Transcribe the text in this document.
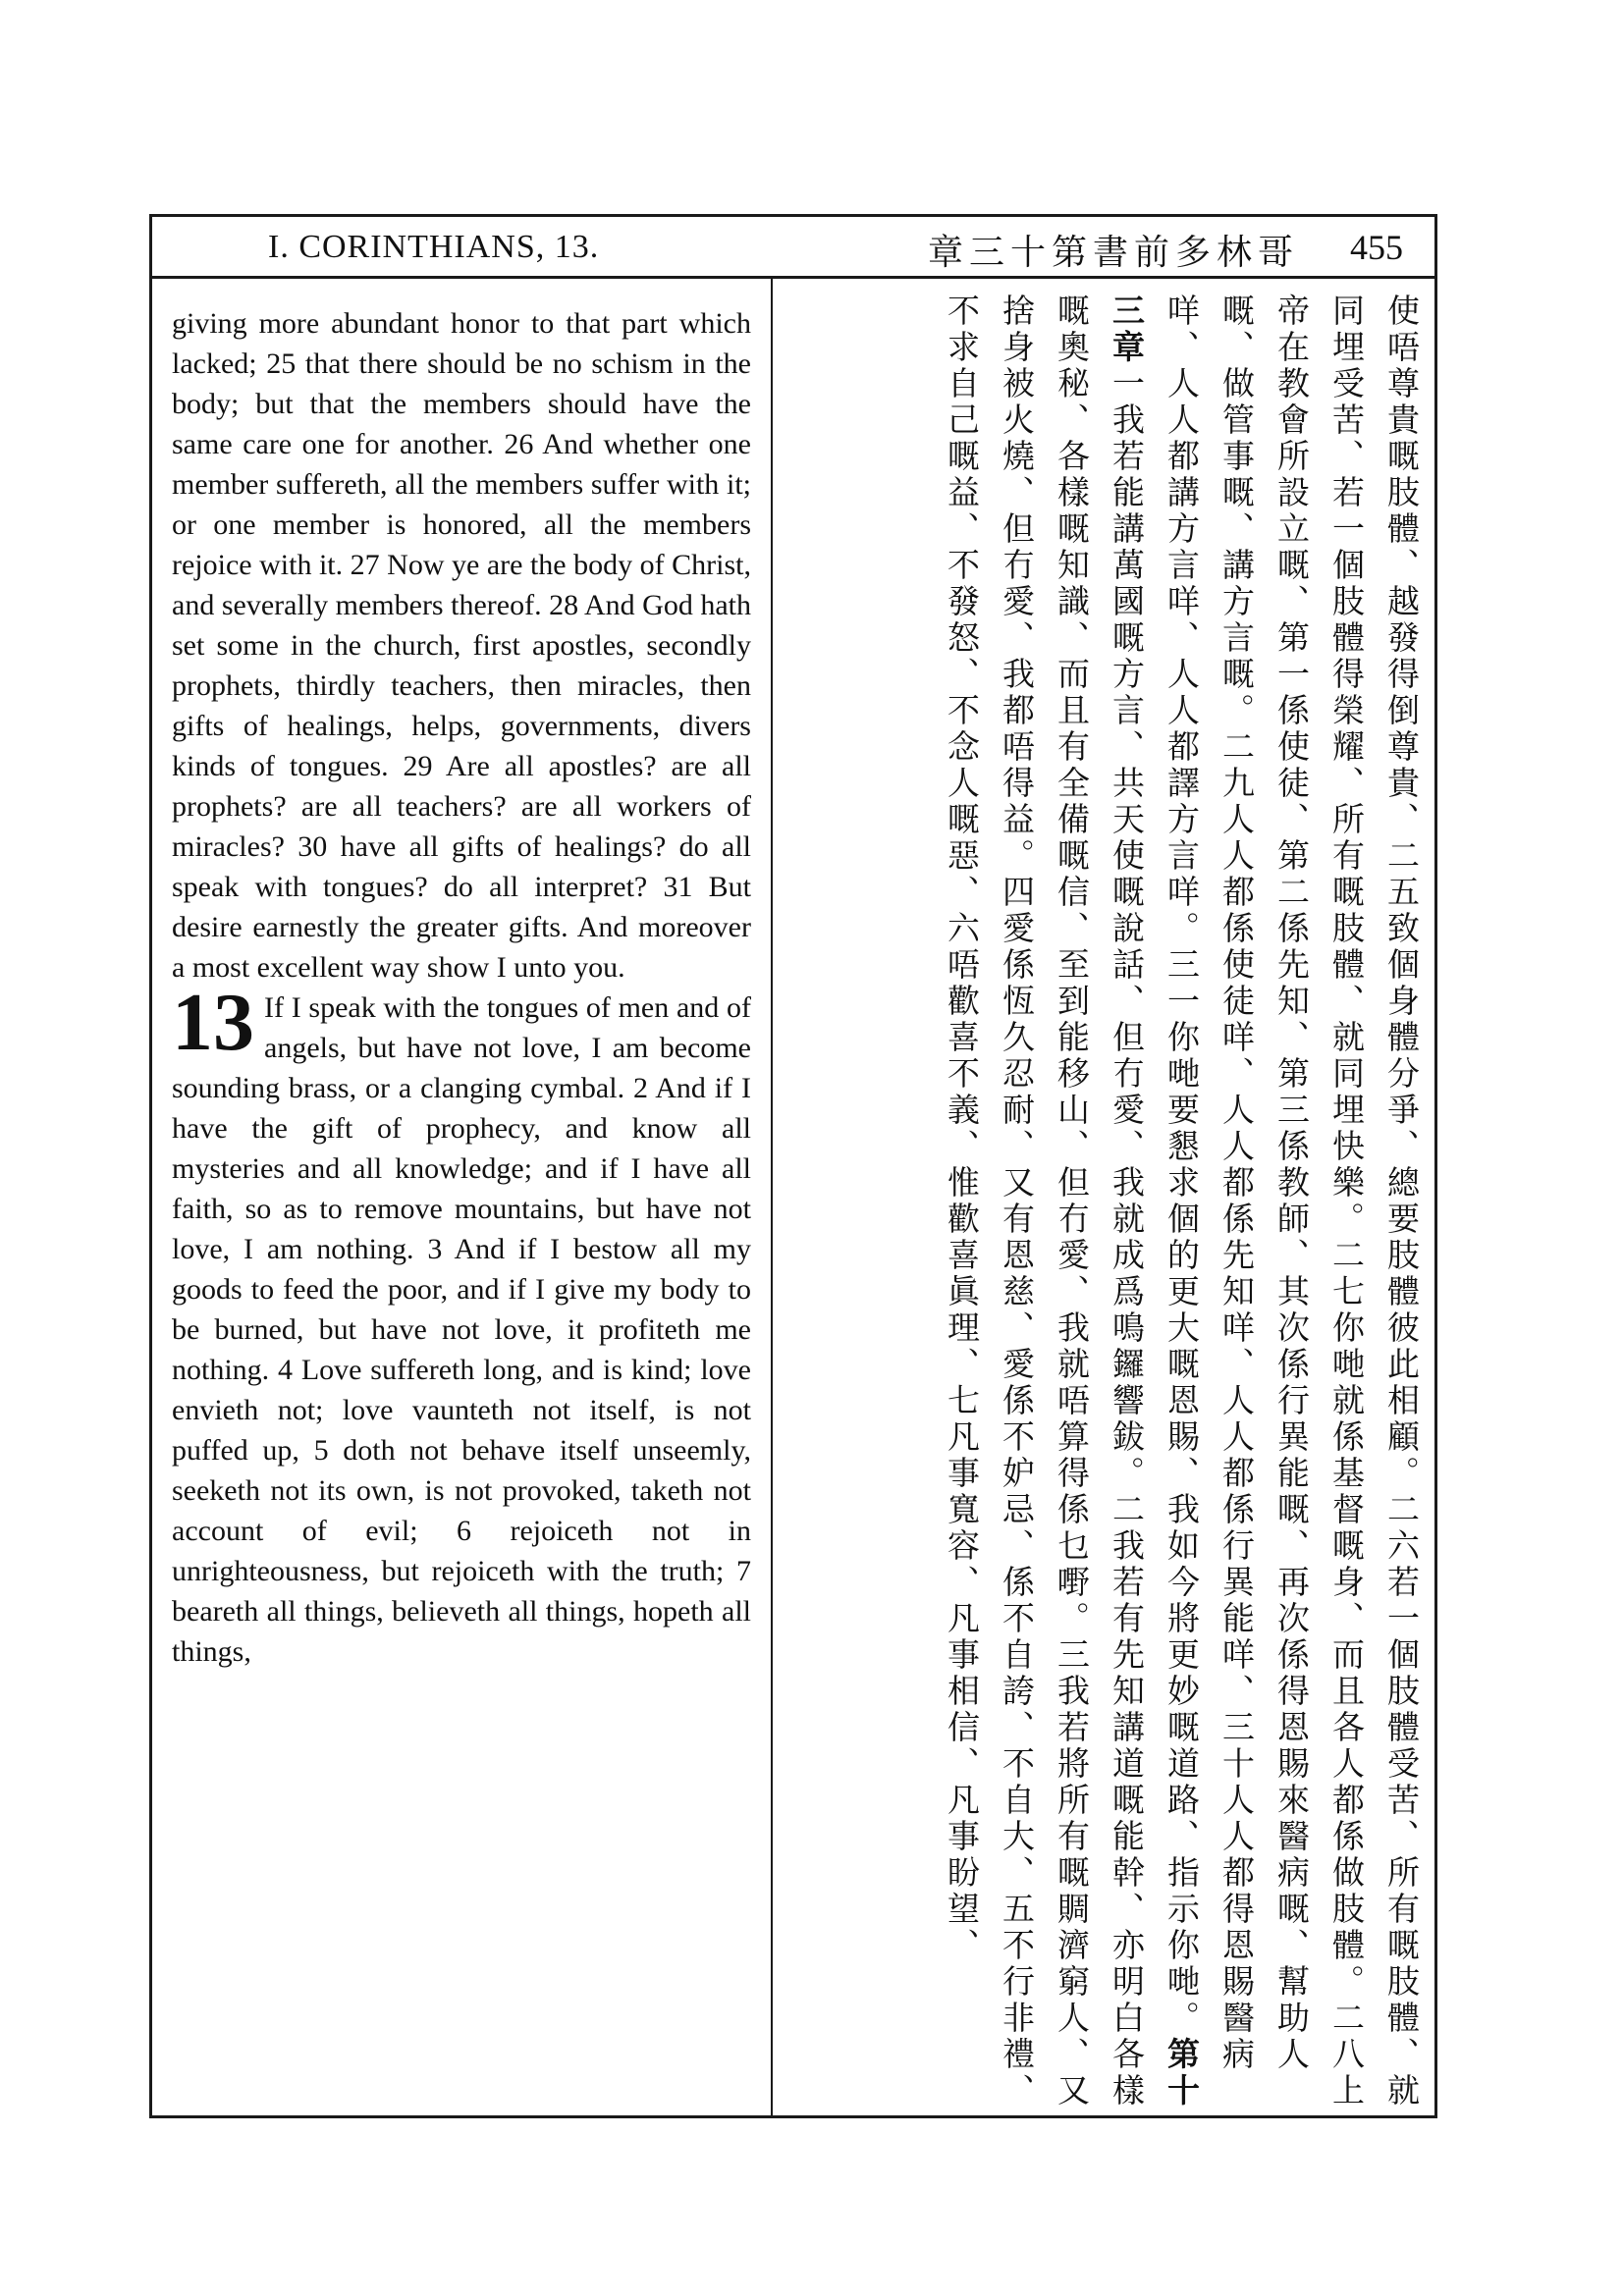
I. CORINTHIANS, 13.	章三十第書前多林哥 455

giving more abundant honor to that part which lacked; 25 that there should be no schism in the body; but that the members should have the same care one for another. 26 And whether one member suffereth, all the members suffer with it; or one member is honored, all the members rejoice with it. 27 Now ye are the body of Christ, and severally members thereof. 28 And God hath set some in the church, first apostles, secondly prophets, thirdly teachers, then miracles, then gifts of healings, helps, governments, divers kinds of tongues. 29 Are all apostles? are all prophets? are all teachers? are all workers of miracles? 30 have all gifts of healings? do all speak with tongues? do all interpret? 31 But desire earnestly the greater gifts. And moreover a most excellent way show I unto you.

13 If I speak with the tongues of men and of angels, but have not love, I am become sounding brass, or a clanging cymbal. 2 And if I have the gift of prophecy, and know all mysteries and all knowledge; and if I have all faith, so as to remove mountains, but have not love, I am nothing. 3 And if I bestow all my goods to feed the poor, and if I give my body to be burned, but have not love, it profiteth me nothing. 4 Love suffereth long, and is kind; love envieth not; love vaunteth not itself, is not puffed up, 5 doth not behave itself unseemly, seeketh not its own, is not provoked, taketh not account of evil; 6 rejoiceth not in unrighteousness, but rejoiceth with the truth; 7 beareth all things, believeth all things, hopeth all things,	使唔尊貴嘅肢體、越發得倒尊貴、二五致個身體分爭、總要肢體彼此相顧。二六若一個肢體受苦、所有嘅肢體、就同埋受苦、若一個肢體得榮耀、所有嘅肢體、就同埋快樂。二七你哋就係基督嘅身、而且各人都係做肢體。二八上帝在教會所設立嘅、第一係使徒、第二係先知、第三係教師、其次係行異能嘅、再次係得恩賜來醫病嘅、幫助人嘅、做管事嘅、講方言嘅。二九人人都係使徒咩、人人都係先知咩、人人都係行異能咩、三十人人都得恩賜醫病咩、人人都講方言咩、人人都譯方言咩。三一你哋要懇求個的更大嘅恩賜、我如今將更妙嘅道路、指示你哋。第十三章一我若能講萬國嘅方言、共天使嘅說話、但冇愛、我就成爲鳴鑼響鈸。二我若有先知講道嘅能幹、亦明白各樣嘅奧秘、各樣嘅知識、而且有全備嘅信、至到能移山、但冇愛、我就唔算得係乜嘢。三我若將所有嘅賙濟窮人、又捨身被火燒、但冇愛、我都唔得益。四愛係恆久忍耐、又有恩慈、愛係不妒忌、係不自誇、不自大、五不行非禮、不求自己嘅益、不發怒、不念人嘅惡、六唔歡喜不義、惟歡喜眞理、七凡事寬容、凡事相信、凡事盼望、
